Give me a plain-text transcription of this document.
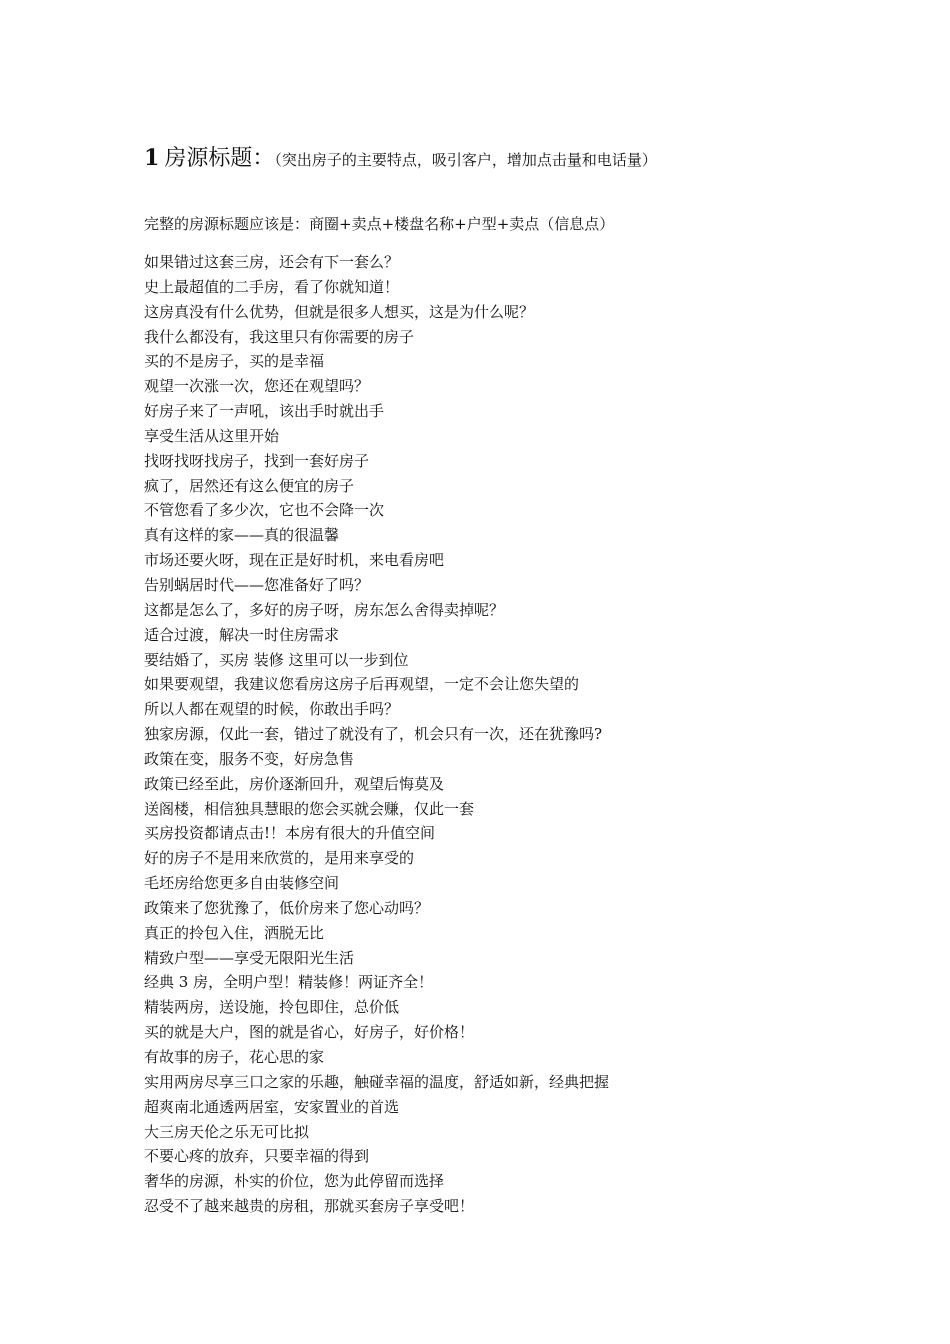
1 房源标题：（突出房子的主要特点，吸引客户，增加点击量和电话量）
完整的房源标题应该是：商圈+卖点+楼盘名称+户型+卖点（信息点）
如果错过这套三房，还会有下一套么？
史上最超值的二手房，看了你就知道！
这房真没有什么优势，但就是很多人想买，这是为什么呢？
我什么都没有，我这里只有你需要的房子
买的不是房子，买的是幸福
观望一次涨一次，您还在观望吗？
好房子来了一声吼，该出手时就出手
享受生活从这里开始
找呀找呀找房子，找到一套好房子
疯了，居然还有这么便宜的房子
不管您看了多少次，它也不会降一次
真有这样的家——真的很温馨
市场还要火呀，现在正是好时机，来电看房吧
告别蜗居时代——您准备好了吗？
这都是怎么了，多好的房子呀，房东怎么舍得卖掉呢？
适合过渡，解决一时住房需求
要结婚了，买房 装修 这里可以一步到位
如果要观望，我建议您看房这房子后再观望，一定不会让您失望的
所以人都在观望的时候，你敢出手吗？
独家房源，仅此一套，错过了就没有了，机会只有一次，还在犹豫吗?
政策在变，服务不变，好房急售
政策已经至此，房价逐渐回升，观望后悔莫及
送阁楼，相信独具慧眼的您会买就会赚，仅此一套
买房投资都请点击!！本房有很大的升值空间
好的房子不是用来欣赏的，是用来享受的
毛坯房给您更多自由装修空间
政策来了您犹豫了，低价房来了您心动吗？
真正的拎包入住，洒脱无比
精致户型——享受无限阳光生活
经典 3 房，全明户型！精装修！两证齐全！
精装两房，送设施，拎包即住，总价低
买的就是大户，图的就是省心，好房子，好价格！
有故事的房子，花心思的家
实用两房尽享三口之家的乐趣，触碰幸福的温度，舒适如新，经典把握
超爽南北通透两居室，安家置业的首选
大三房天伦之乐无可比拟
不要心疼的放弃，只要幸福的得到
奢华的房源，朴实的价位，您为此停留而选择
忍受不了越来越贵的房租，那就买套房子享受吧！
